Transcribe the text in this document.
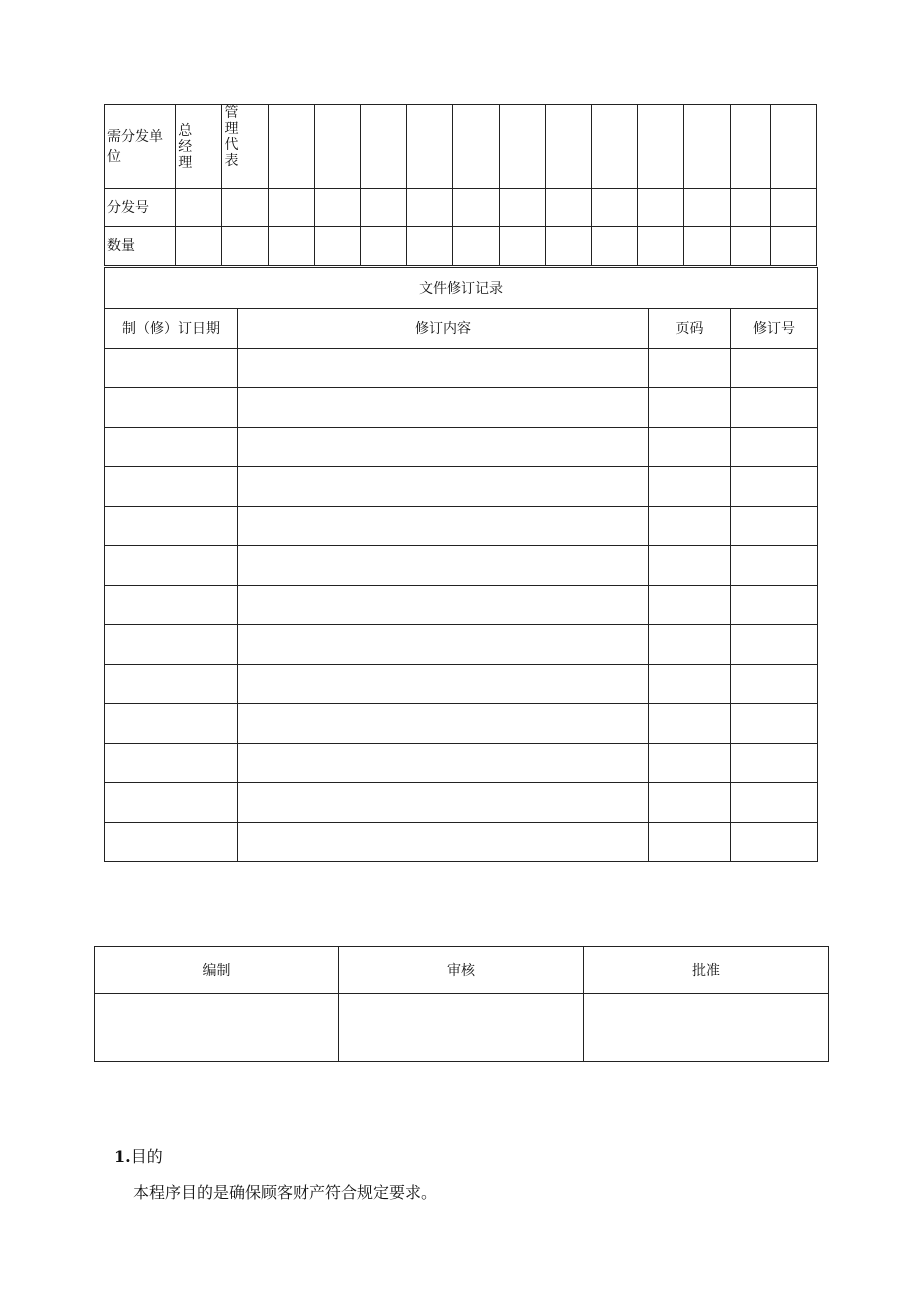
需分发单位	总经理	管理代表												

分发号														
数量														
文件修订记录			
制（修）订日期	修订内容	页码	修订号

编制	审核	批准

1.目的
本程序目的是确保顾客财产符合规定要求。
